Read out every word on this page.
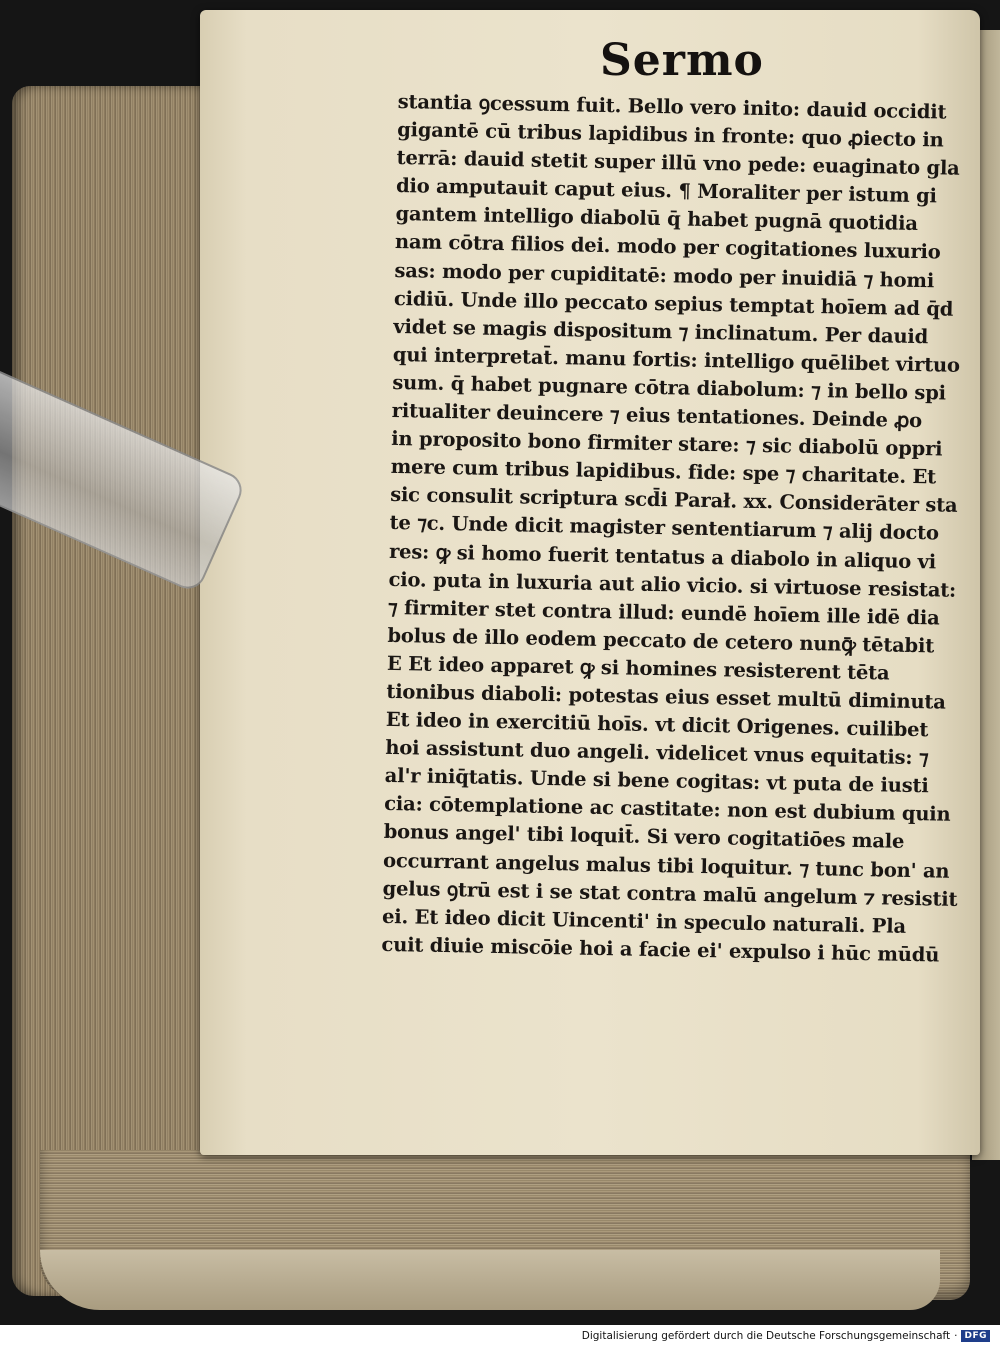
Sermo
stantia ꝯcessum fuit. Bello vero inito: dauid occidit
gigantē cū tribus lapidibus in fronte: quo ꝓiecto in
terrā: dauid stetit super illū vno pede: euaginato gla
dio amputauit caput eius. ¶ Moraliter per istum gi
gantem intelligo diabolū q̄ habet pugnā quotidia
nam cōtra filios dei. modo per cogitationes luxurio
sas: modo per cupiditatē: modo per inuidiā ⁊ homi
cidiū. Unde illo peccato sepius temptat hoīem ad q̄d
videt se magis dispositum ⁊ inclinatum. Per dauid
qui interpretat̄. manu fortis: intelligo quēlibet virtuo
sum. q̄ habet pugnare cōtra diabolum: ⁊ in bello spi
ritualiter deuincere ⁊ eius tentationes. Deinde ꝓo
in proposito bono firmiter stare: ⁊ sic diabolū oppri
mere cum tribus lapidibus. fide: spe ⁊ charitate. Et
sic consulit scriptura scd̄i Parał. xx. Considerāter sta
te ⁊c. Unde dicit magister sententiarum ⁊ alij docto
res: ꝙ si homo fuerit tentatus a diabolo in aliquo vi
cio. puta in luxuria aut alio vicio. si virtuose resistat:
⁊ firmiter stet contra illud: eundē hoīem ille idē dia
bolus de illo eodem peccato de cetero nunꝙ̄ tētabit
E Et ideo apparet ꝙ si homines resisterent tēta
tionibus diaboli: potestas eius esset multū diminuta
Et ideo in exercitiū hoīs. vt dicit Origenes. cuilibet
hoi assistunt duo angeli. videlicet vnus equitatis: ⁊
al'r iniq̄tatis. Unde si bene cogitas: vt puta de iusti
cia: cōtemplatione ac castitate: non est dubium quin
bonus angel' tibi loquit̄. Si vero cogitatiōes male
occurrant angelus malus tibi loquitur. ⁊ tunc bon' an
gelus ꝯtrū est i se stat contra malū angelum ⁊ resistit
ei. Et ideo dicit Uincenti' in speculo naturali. Pla
cuit diuie miscōie hoi a facie ei' expulso i hūc mūdū
Digitalisierung gefördert durch die Deutsche Forschungsgemeinschaft · DFG
